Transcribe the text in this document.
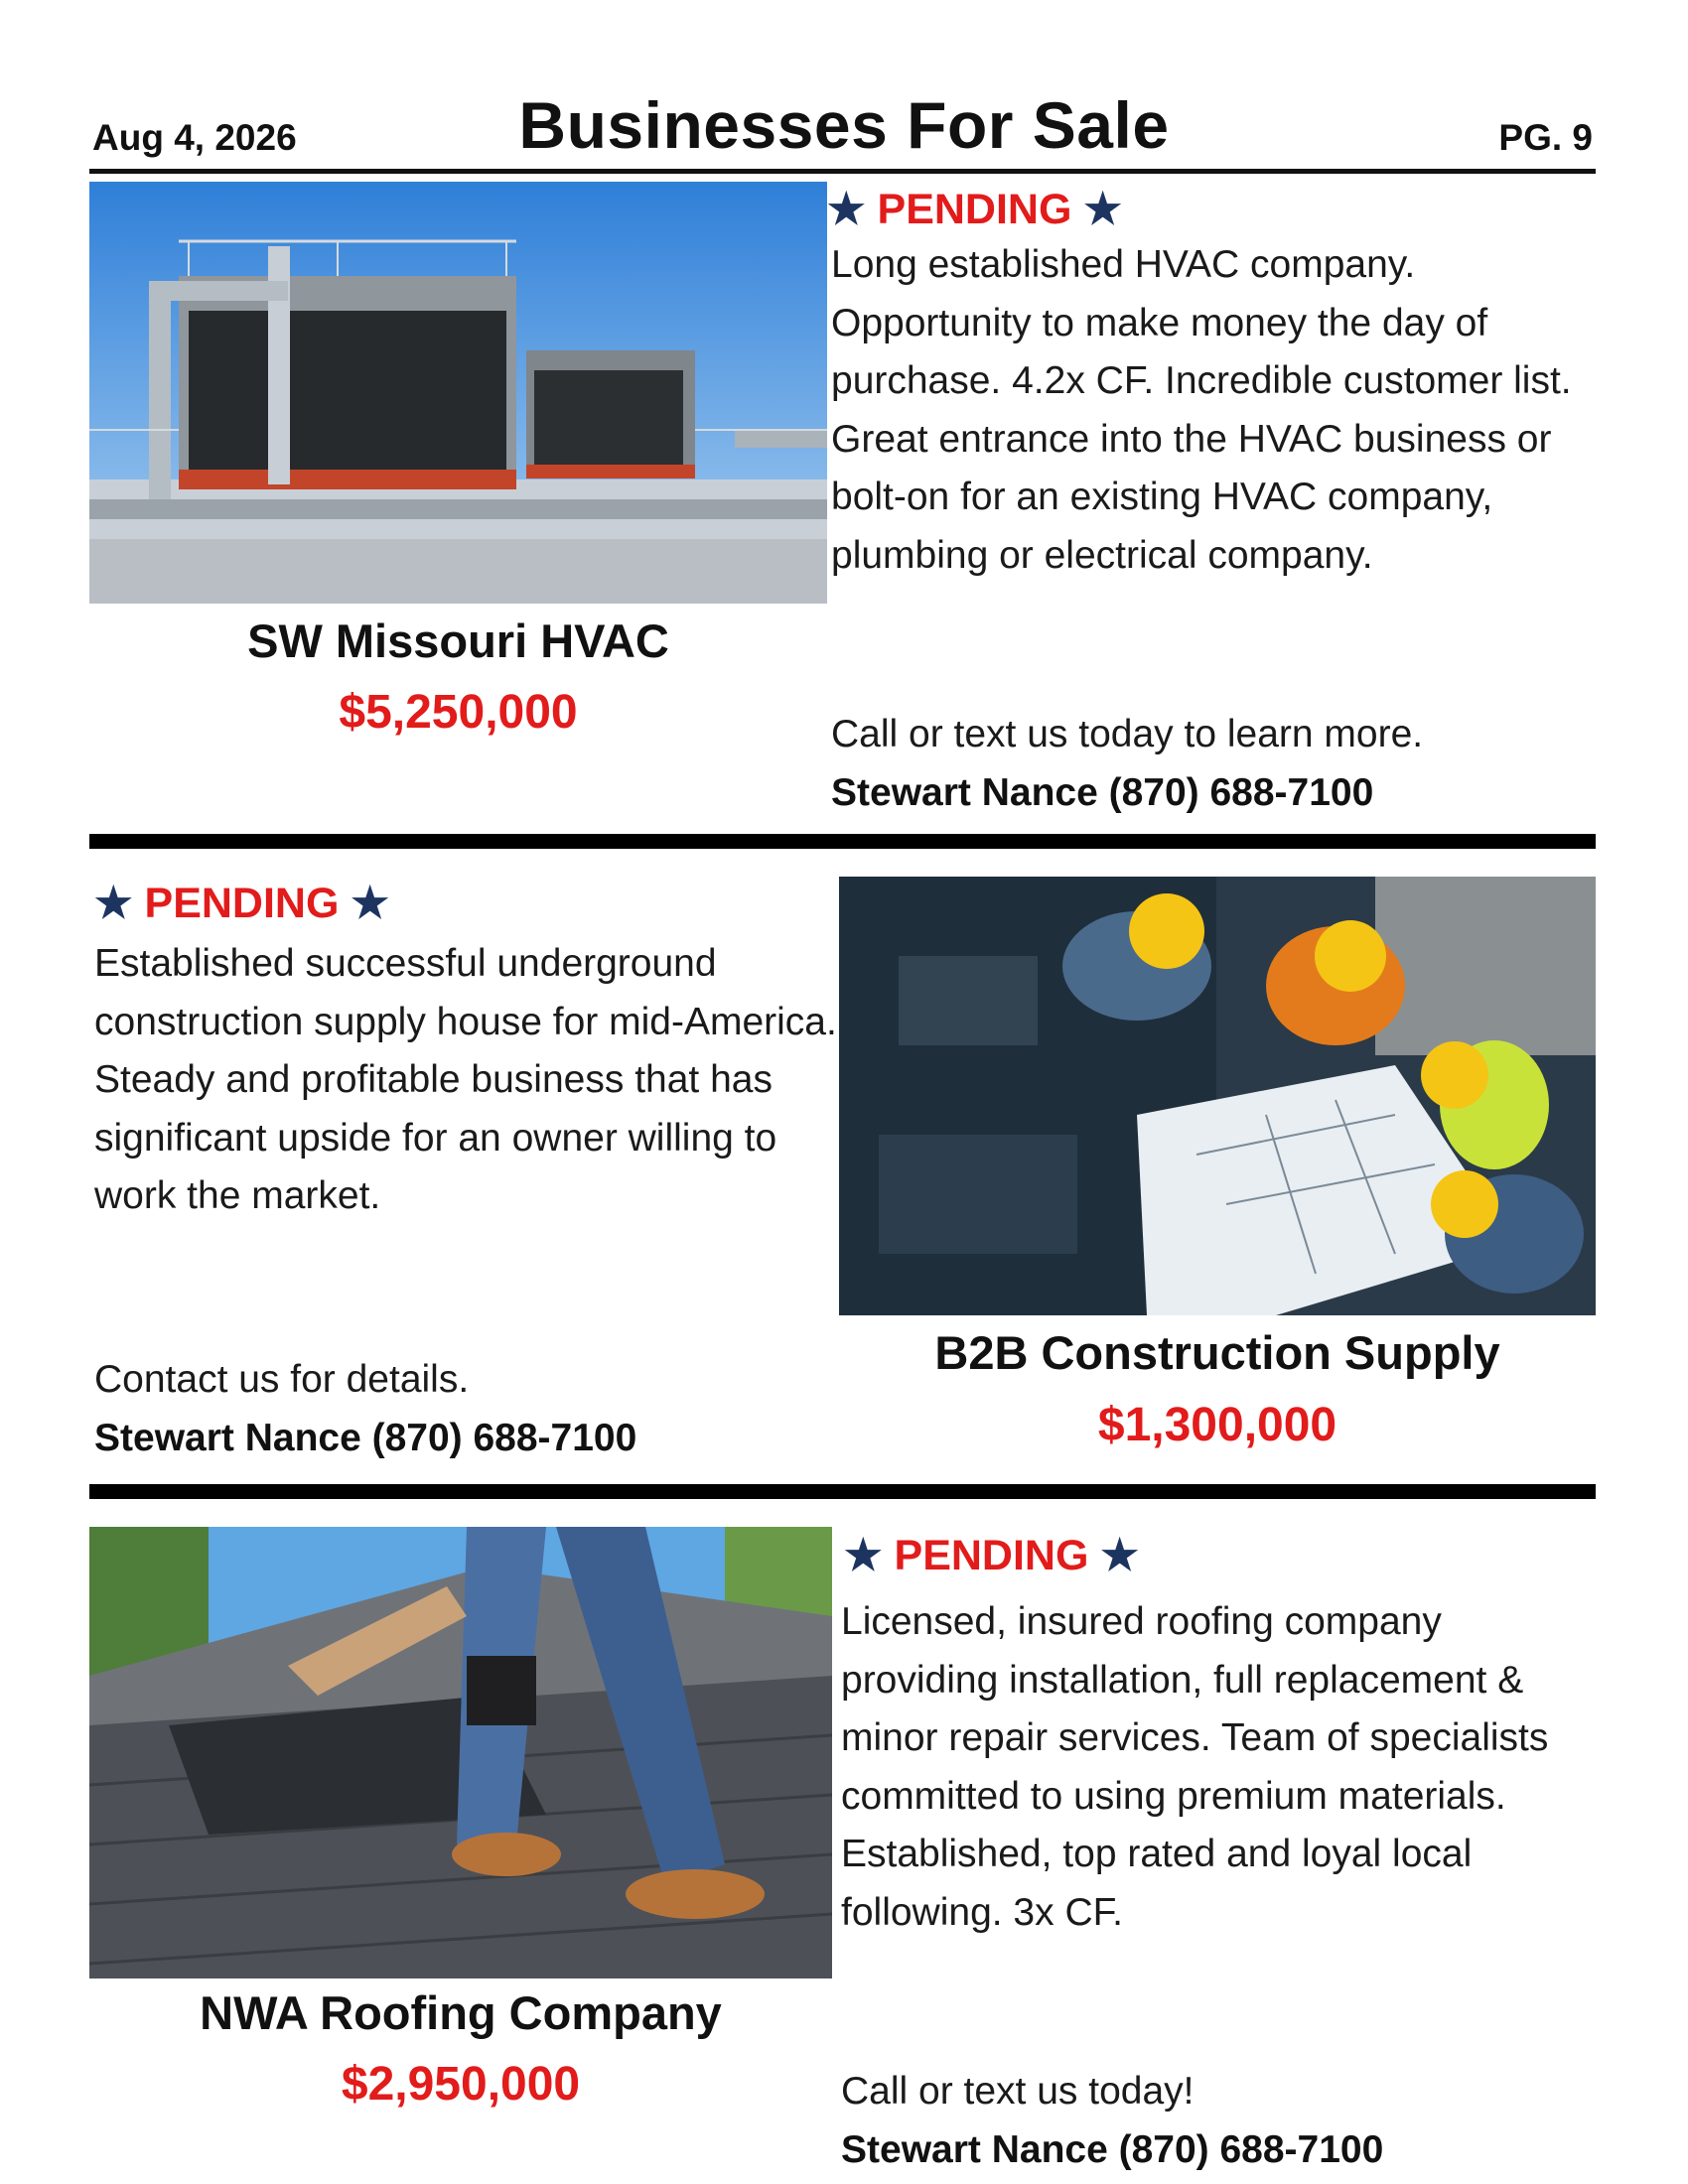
Aug 4, 2026	Businesses For Sale	PG. 9
SW Missouri HVAC
$5,250,000
★ PENDING ★
Long established HVAC company. Opportunity to make money the day of purchase. 4.2x CF. Incredible customer list. Great entrance into the HVAC business or bolt-on for an existing HVAC company, plumbing or electrical company.
Call or text us today to learn more.
Stewart Nance (870) 688-7100
★ PENDING ★
Established successful underground construction supply house for mid-America. Steady and profitable business that has significant upside for an owner willing to work the market.
Contact us for details.
Stewart Nance (870) 688-7100
B2B Construction Supply
$1,300,000
NWA Roofing Company
$2,950,000
★ PENDING ★
Licensed, insured roofing company providing installation, full replacement & minor repair services. Team of specialists committed to using premium materials. Established, top rated and loyal local following. 3x CF.
Call or text us today!
Stewart Nance (870) 688-7100
